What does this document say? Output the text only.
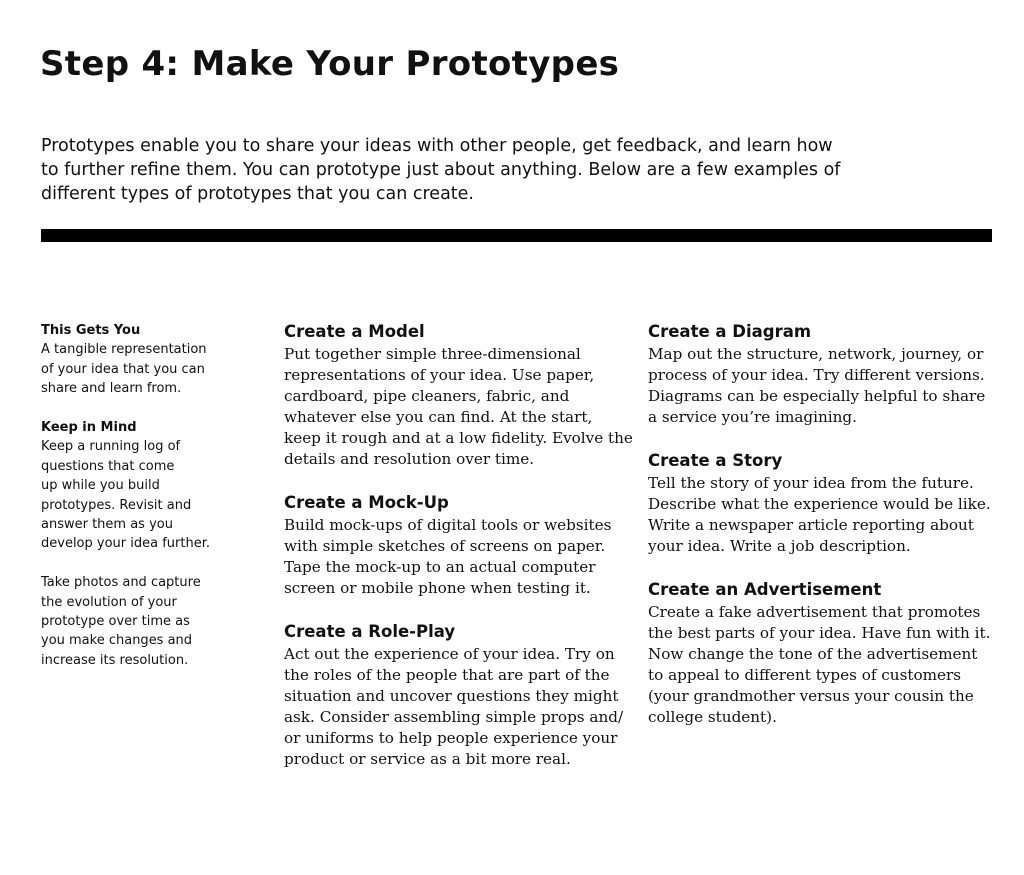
Step 4: Make Your Prototypes

Prototypes enable you to share your ideas with other people, get feedback, and learn how
to further refine them. You can prototype just about anything. Below are a few examples of
different types of prototypes that you can create.

This Gets You
A tangible representation
of your idea that you can
share and learn from.
Keep in Mind
Keep a running log of
questions that come
up while you build
prototypes. Revisit and
answer them as you
develop your idea further.
Take photos and capture
the evolution of your
prototype over time as
you make changes and
increase its resolution.
Create a Model
Put together simple three-dimensional
representations of your idea. Use paper,
cardboard, pipe cleaners, fabric, and
whatever else you can find. At the start,
keep it rough and at a low fidelity. Evolve the
details and resolution over time.
Create a Mock-Up
Build mock-ups of digital tools or websites
with simple sketches of screens on paper.
Tape the mock-up to an actual computer
screen or mobile phone when testing it.
Create a Role-Play
Act out the experience of your idea. Try on
the roles of the people that are part of the
situation and uncover questions they might
ask. Consider assembling simple props and/
or uniforms to help people experience your
product or service as a bit more real.
Create a Diagram
Map out the structure, network, journey, or
process of your idea. Try different versions.
Diagrams can be especially helpful to share
a service you’re imagining.
Create a Story
Tell the story of your idea from the future.
Describe what the experience would be like.
Write a newspaper article reporting about
your idea. Write a job description.
Create an Advertisement
Create a fake advertisement that promotes
the best parts of your idea. Have fun with it.
Now change the tone of the advertisement
to appeal to different types of customers
(your grandmother versus your cousin the
college student).
